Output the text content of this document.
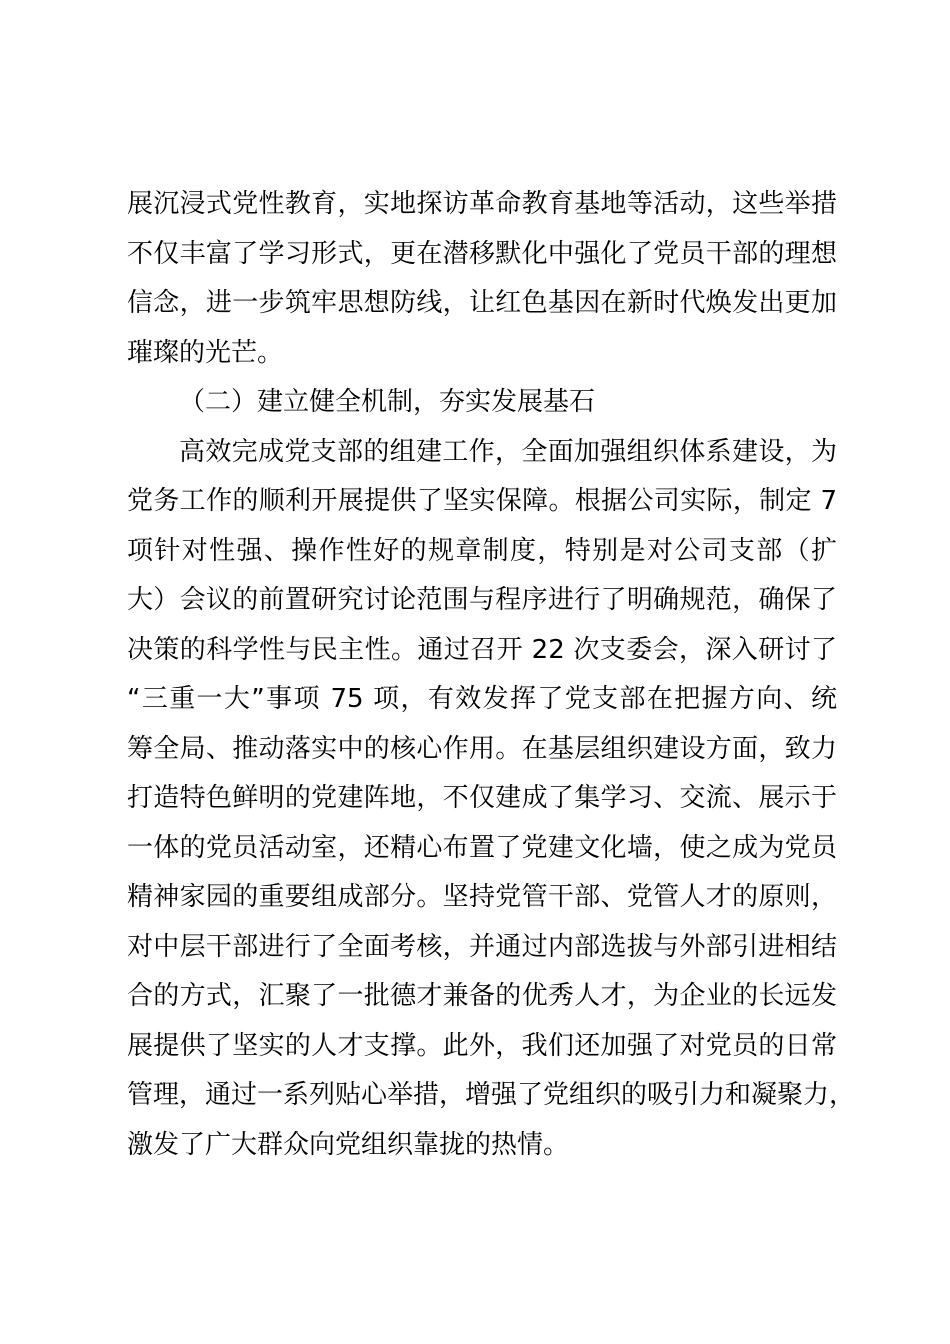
展沉浸式党性教育，实地探访革命教育基地等活动，这些举措
不仅丰富了学习形式，更在潜移默化中强化了党员干部的理想
信念，进一步筑牢思想防线，让红色基因在新时代焕发出更加
璀璨的光芒。
（二）建立健全机制，夯实发展基石
高效完成党支部的组建工作，全面加强组织体系建设，为
党务工作的顺利开展提供了坚实保障。根据公司实际，制定 7
项针对性强、操作性好的规章制度，特别是对公司支部（扩
大）会议的前置研究讨论范围与程序进行了明确规范，确保了
决策的科学性与民主性。通过召开 22 次支委会，深入研讨了
“三重一大”事项 75 项，有效发挥了党支部在把握方向、统
筹全局、推动落实中的核心作用。在基层组织建设方面，致力
打造特色鲜明的党建阵地，不仅建成了集学习、交流、展示于
一体的党员活动室，还精心布置了党建文化墙，使之成为党员
精神家园的重要组成部分。坚持党管干部、党管人才的原则，
对中层干部进行了全面考核，并通过内部选拔与外部引进相结
合的方式，汇聚了一批德才兼备的优秀人才，为企业的长远发
展提供了坚实的人才支撑。此外，我们还加强了对党员的日常
管理，通过一系列贴心举措，增强了党组织的吸引力和凝聚力，
激发了广大群众向党组织靠拢的热情。
